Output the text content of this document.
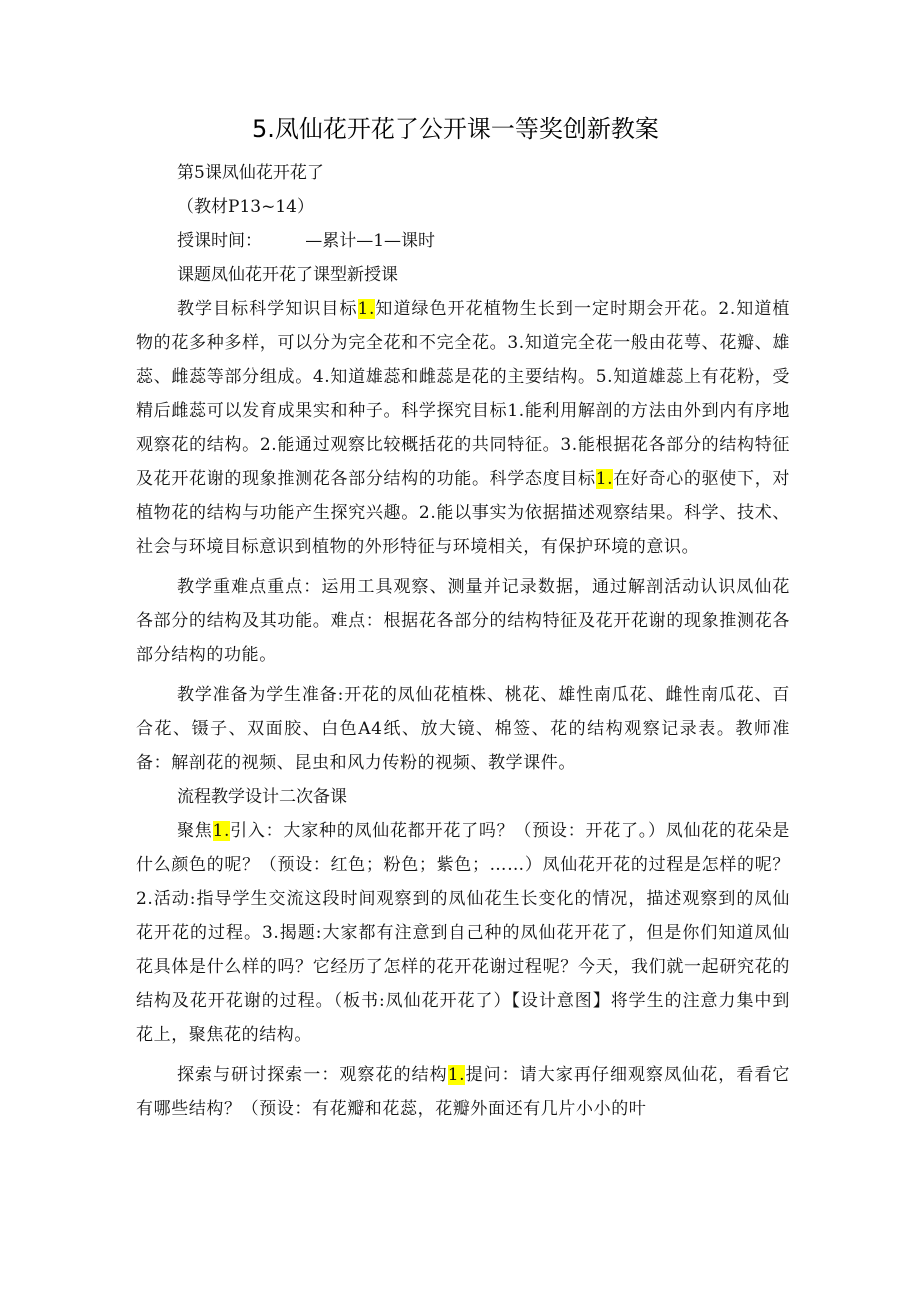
5.凤仙花开花了公开课一等奖创新教案

第5课凤仙花开花了

（教材P13~14）

授课时间：        —累计—1—课时

课题凤仙花开花了课型新授课

教学目标科学知识目标1.知道绿色开花植物生长到一定时期会开花。2.知道植物的花多种多样，可以分为完全花和不完全花。3.知道完全花一般由花萼、花瓣、雄蕊、雌蕊等部分组成。4.知道雄蕊和雌蕊是花的主要结构。5.知道雄蕊上有花粉，受精后雌蕊可以发育成果实和种子。科学探究目标1.能利用解剖的方法由外到内有序地观察花的结构。2.能通过观察比较概括花的共同特征。3.能根据花各部分的结构特征及花开花谢的现象推测花各部分结构的功能。科学态度目标1.在好奇心的驱使下，对植物花的结构与功能产生探究兴趣。2.能以事实为依据描述观察结果。科学、技术、社会与环境目标意识到植物的外形特征与环境相关，有保护环境的意识。

教学重难点重点：运用工具观察、测量并记录数据，通过解剖活动认识凤仙花各部分的结构及其功能。难点：根据花各部分的结构特征及花开花谢的现象推测花各部分结构的功能。

教学准备为学生准备:开花的凤仙花植株、桃花、雄性南瓜花、雌性南瓜花、百合花、镊子、双面胶、白色A4纸、放大镜、棉签、花的结构观察记录表。教师准备：解剖花的视频、昆虫和风力传粉的视频、教学课件。

流程教学设计二次备课

聚焦1.引入：大家种的凤仙花都开花了吗？（预设：开花了。）凤仙花的花朵是什么颜色的呢？（预设：红色；粉色；紫色；……）凤仙花开花的过程是怎样的呢？2.活动:指导学生交流这段时间观察到的凤仙花生长变化的情况，描述观察到的凤仙花开花的过程。3.揭题:大家都有注意到自己种的凤仙花开花了，但是你们知道凤仙花具体是什么样的吗？它经历了怎样的花开花谢过程呢？今天，我们就一起研究花的结构及花开花谢的过程。（板书:凤仙花开花了）【设计意图】将学生的注意力集中到花上，聚焦花的结构。

探索与研讨探索一：观察花的结构1.提问：请大家再仔细观察凤仙花，看看它有哪些结构？（预设：有花瓣和花蕊，花瓣外面还有几片小小的叶
